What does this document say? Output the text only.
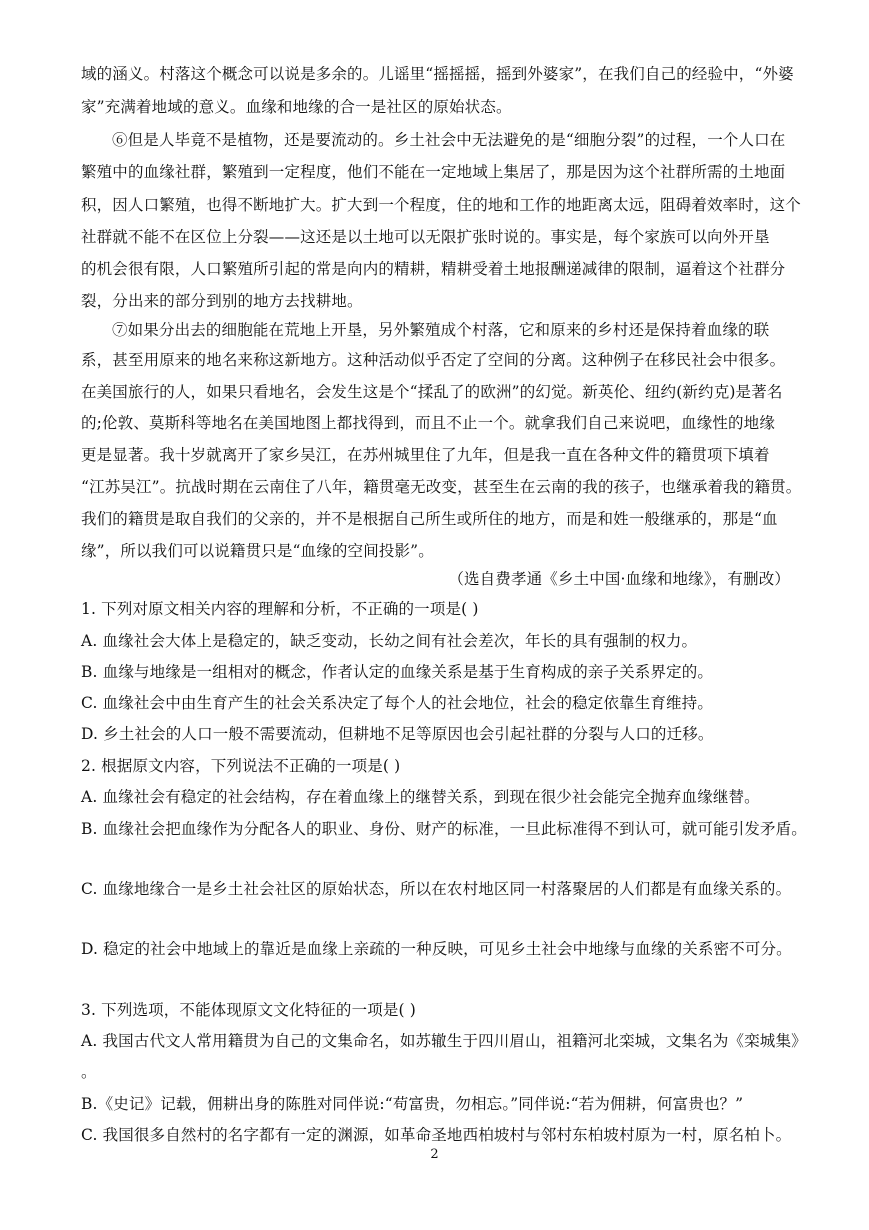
域的涵义。村落这个概念可以说是多余的。儿谣里“摇摇摇，摇到外婆家”，在我们自己的经验中，“外婆
家”充满着地域的意义。血缘和地缘的合一是社区的原始状态。
⑥但是人毕竟不是植物，还是要流动的。乡土社会中无法避免的是“细胞分裂”的过程，一个人口在
繁殖中的血缘社群，繁殖到一定程度，他们不能在一定地域上集居了，那是因为这个社群所需的土地面
积，因人口繁殖，也得不断地扩大。扩大到一个程度，住的地和工作的地距离太远，阻碍着效率时，这个
社群就不能不在区位上分裂——这还是以土地可以无限扩张时说的。事实是，每个家族可以向外开垦
的机会很有限，人口繁殖所引起的常是向内的精耕，精耕受着土地报酬递减律的限制，逼着这个社群分
裂，分出来的部分到别的地方去找耕地。
⑦如果分出去的细胞能在荒地上开垦，另外繁殖成个村落，它和原来的乡村还是保持着血缘的联
系，甚至用原来的地名来称这新地方。这种活动似乎否定了空间的分离。这种例子在移民社会中很多。
在美国旅行的人，如果只看地名，会发生这是个“揉乱了的欧洲”的幻觉。新英伦、纽约(新约克)是著名
的;伦敦、莫斯科等地名在美国地图上都找得到，而且不止一个。就拿我们自己来说吧，血缘性的地缘
更是显著。我十岁就离开了家乡吴江，在苏州城里住了九年，但是我一直在各种文件的籍贯项下填着
“江苏吴江”。抗战时期在云南住了八年，籍贯毫无改变，甚至生在云南的我的孩子，也继承着我的籍贯。
我们的籍贯是取自我们的父亲的，并不是根据自己所生或所住的地方，而是和姓一般继承的，那是“血
缘”，所以我们可以说籍贯只是“血缘的空间投影”。
（选自费孝通《乡土中国·血缘和地缘》，有删改）
1. 下列对原文相关内容的理解和分析，不正确的一项是( )
A. 血缘社会大体上是稳定的，缺乏变动，长幼之间有社会差次，年长的具有强制的权力。
B. 血缘与地缘是一组相对的概念，作者认定的血缘关系是基于生育构成的亲子关系界定的。
C. 血缘社会中由生育产生的社会关系决定了每个人的社会地位，社会的稳定依靠生育维持。
D. 乡土社会的人口一般不需要流动，但耕地不足等原因也会引起社群的分裂与人口的迁移。
2. 根据原文内容，下列说法不正确的一项是( )
A. 血缘社会有稳定的社会结构，存在着血缘上的继替关系，到现在很少社会能完全抛弃血缘继替。
B. 血缘社会把血缘作为分配各人的职业、身份、财产的标准，一旦此标准得不到认可，就可能引发矛盾。
C. 血缘地缘合一是乡土社会社区的原始状态，所以在农村地区同一村落聚居的人们都是有血缘关系的。
D. 稳定的社会中地域上的靠近是血缘上亲疏的一种反映，可见乡土社会中地缘与血缘的关系密不可分。
3. 下列选项，不能体现原文文化特征的一项是( )
A. 我国古代文人常用籍贯为自己的文集命名，如苏辙生于四川眉山，祖籍河北栾城，文集名为《栾城集》
。
B.《史记》记载，佣耕出身的陈胜对同伴说:“苟富贵，勿相忘。”同伴说:“若为佣耕，何富贵也？”
C. 我国很多自然村的名字都有一定的渊源，如革命圣地西柏坡村与邻村东柏坡村原为一村，原名柏卜。
2
